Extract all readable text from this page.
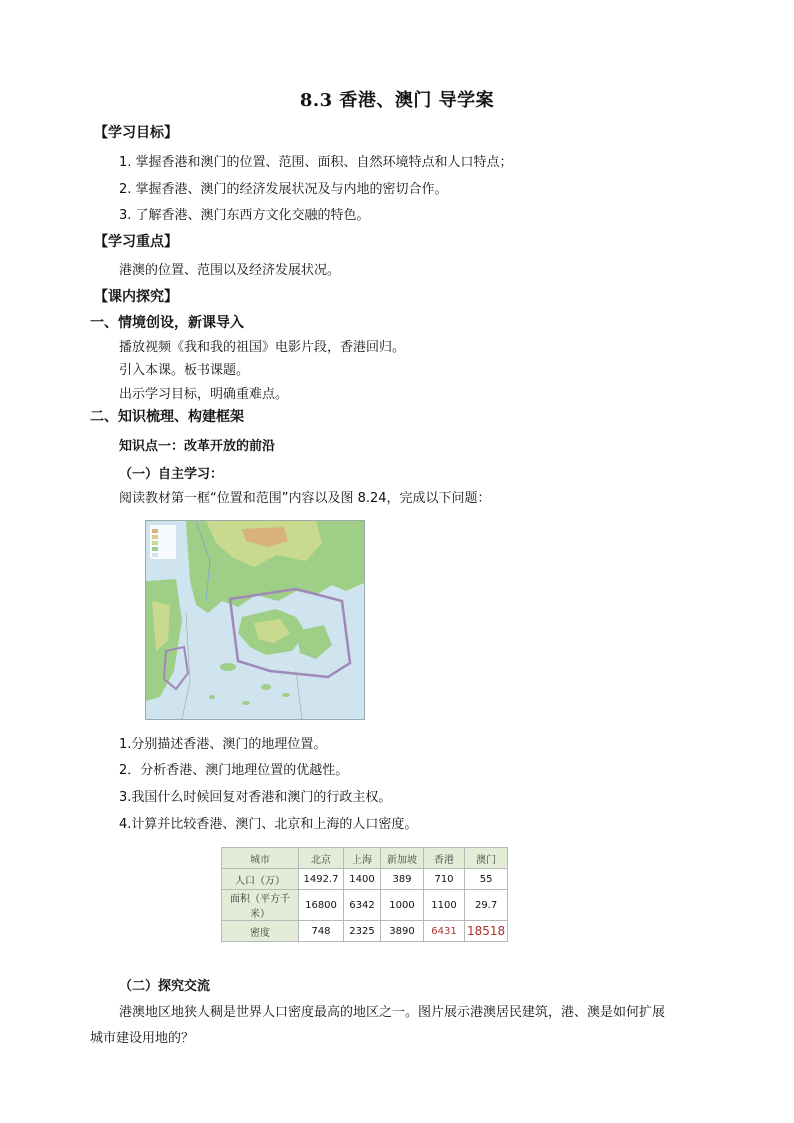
8.3 香港、澳门 导学案
【学习目标】
1. 掌握香港和澳门的位置、范围、面积、自然环境特点和人口特点；
2. 掌握香港、澳门的经济发展状况及与内地的密切合作。
3. 了解香港、澳门东西方文化交融的特色。
【学习重点】
港澳的位置、范围以及经济发展状况。
【课内探究】
一、情境创设，新课导入
播放视频《我和我的祖国》电影片段，香港回归。
引入本课。板书课题。
出示学习目标，明确重难点。
二、知识梳理、构建框架
知识点一：改革开放的前沿
（一）自主学习：
阅读教材第一框“位置和范围”内容以及图 8.24，完成以下问题：
1.分别描述香港、澳门的地理位置。
2．分析香港、澳门地理位置的优越性。
3.我国什么时候回复对香港和澳门的行政主权。
4.计算并比较香港、澳门、北京和上海的人口密度。
城市	北京	上海	新加坡	香港	澳门
人口（万）	1492.7	1400	389	710	55
面积（平方千米）	16800	6342	1000	1100	29.7
密度	748	2325	3890	6431	18518
（二）探究交流
港澳地区地狭人稠是世界人口密度最高的地区之一。图片展示港澳居民建筑，港、澳是如何扩展
城市建设用地的？
